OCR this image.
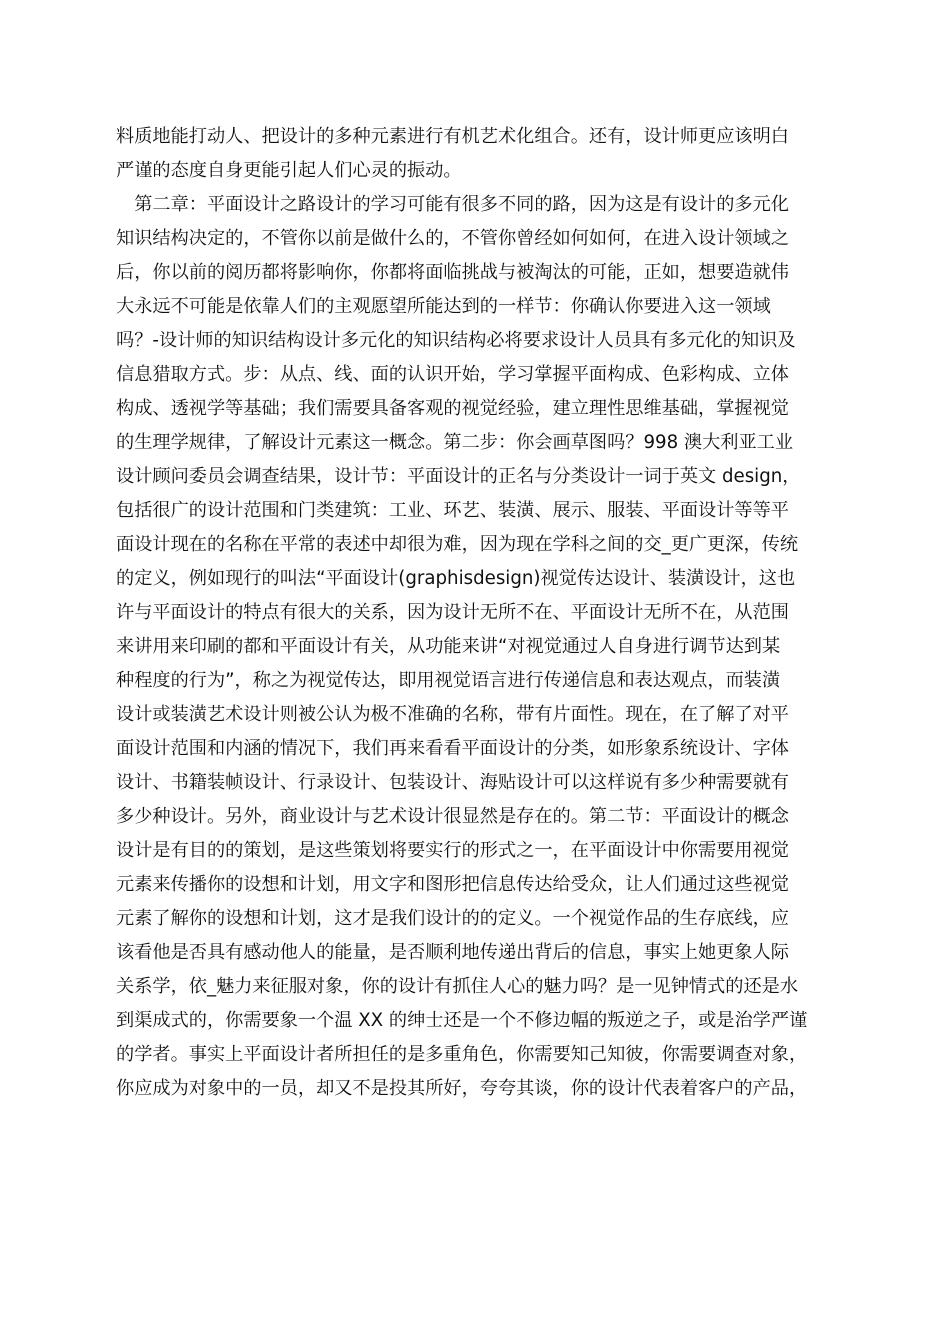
料质地能打动人、把设计的多种元素进行有机艺术化组合。还有，设计师更应该明白
严谨的态度自身更能引起人们心灵的振动。
　第二章：平面设计之路设计的学习可能有很多不同的路，因为这是有设计的多元化
知识结构决定的，不管你以前是做什么的，不管你曾经如何如何，在进入设计领域之
后，你以前的阅历都将影响你，你都将面临挑战与被淘汰的可能，正如，想要造就伟
大永远不可能是依靠人们的主观愿望所能达到的一样节：你确认你要进入这一领域
吗？-设计师的知识结构设计多元化的知识结构必将要求设计人员具有多元化的知识及
信息猎取方式。步：从点、线、面的认识开始，学习掌握平面构成、色彩构成、立体
构成、透视学等基础；我们需要具备客观的视觉经验，建立理性思维基础，掌握视觉
的生理学规律，了解设计元素这一概念。第二步：你会画草图吗？998 澳大利亚工业
设计顾问委员会调查结果，设计节：平面设计的正名与分类设计一词于英文 design，
包括很广的设计范围和门类建筑：工业、环艺、装潢、展示、服装、平面设计等等平
面设计现在的名称在平常的表述中却很为难，因为现在学科之间的交_更广更深，传统
的定义，例如现行的叫法“平面设计(graphisdesign)视觉传达设计、装潢设计，这也
许与平面设计的特点有很大的关系，因为设计无所不在、平面设计无所不在，从范围
来讲用来印刷的都和平面设计有关，从功能来讲“对视觉通过人自身进行调节达到某
种程度的行为”，称之为视觉传达，即用视觉语言进行传递信息和表达观点，而装潢
设计或装潢艺术设计则被公认为极不准确的名称，带有片面性。现在，在了解了对平
面设计范围和内涵的情况下，我们再来看看平面设计的分类，如形象系统设计、字体
设计、书籍装帧设计、行录设计、包装设计、海贴设计可以这样说有多少种需要就有
多少种设计。另外，商业设计与艺术设计很显然是存在的。第二节：平面设计的概念
设计是有目的的策划，是这些策划将要实行的形式之一，在平面设计中你需要用视觉
元素来传播你的设想和计划，用文字和图形把信息传达给受众，让人们通过这些视觉
元素了解你的设想和计划，这才是我们设计的的定义。一个视觉作品的生存底线，应
该看他是否具有感动他人的能量，是否顺利地传递出背后的信息，事实上她更象人际
关系学，依_魅力来征服对象，你的设计有抓住人心的魅力吗？是一见钟情式的还是水
到渠成式的，你需要象一个温 XX 的绅士还是一个不修边幅的叛逆之子，或是治学严谨
的学者。事实上平面设计者所担任的是多重角色，你需要知己知彼，你需要调查对象，
你应成为对象中的一员，却又不是投其所好，夸夸其谈，你的设计代表着客户的产品，
